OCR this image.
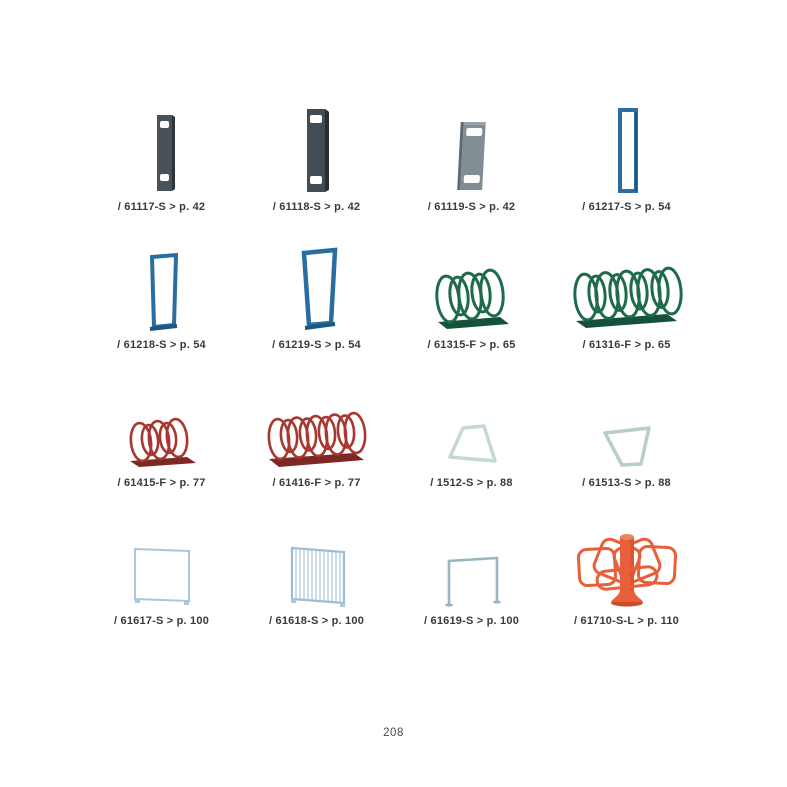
/ 61117-S > p. 42	/ 61118-S > p. 42	/ 61119-S > p. 42	/ 61217-S > p. 54
/ 61218-S > p. 54	/ 61219-S > p. 54	/ 61315-F > p. 65	/ 61316-F > p. 65
/ 61415-F > p. 77	/ 61416-F > p. 77	/ 1512-S > p. 88	/ 61513-S > p. 88
/ 61617-S > p. 100	/ 61618-S > p. 100	/ 61619-S > p. 100	/ 61710-S-L > p. 110
208
